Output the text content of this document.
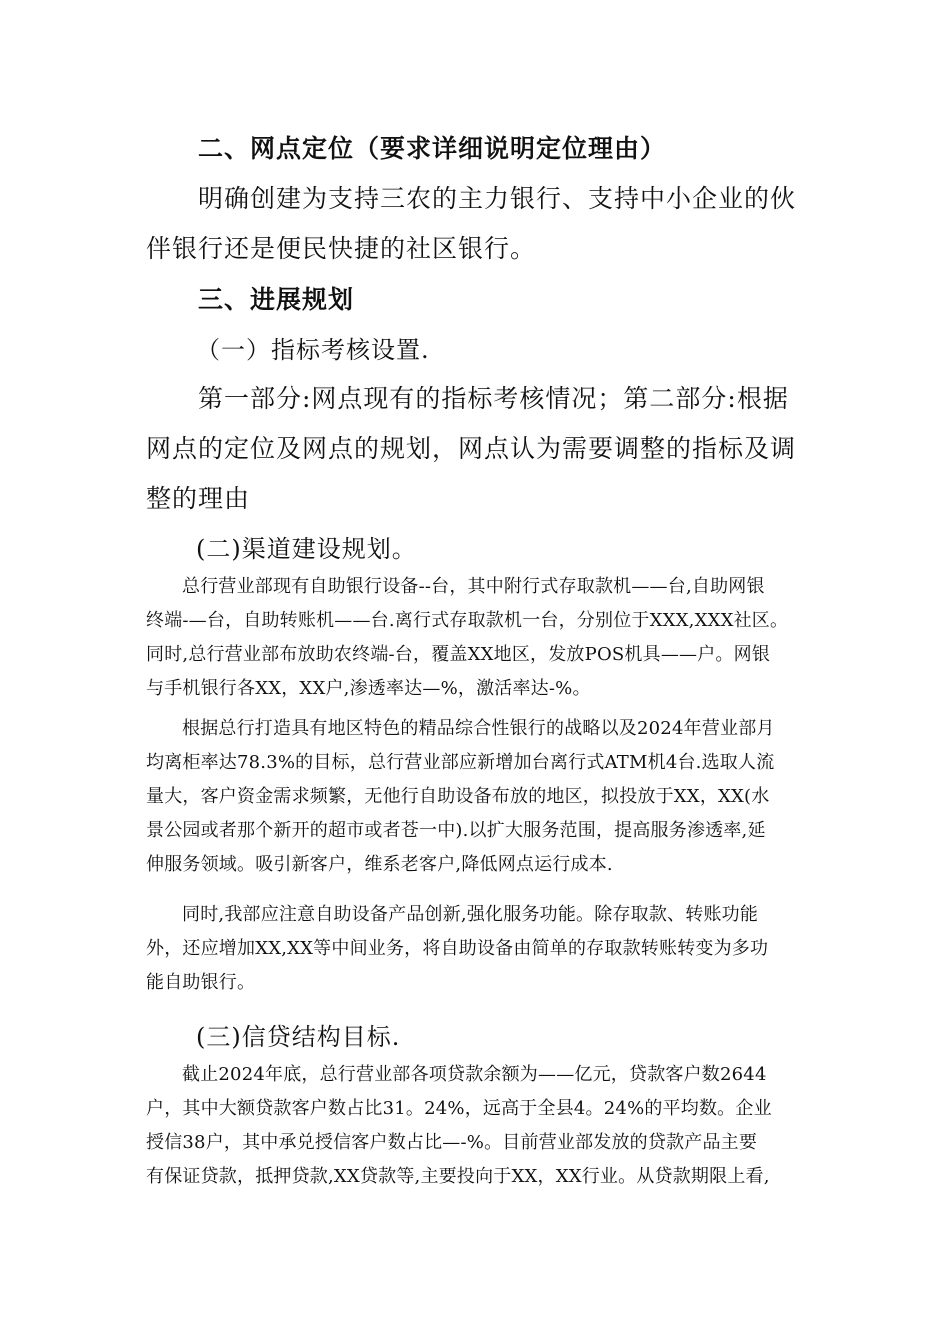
二、网点定位（要求详细说明定位理由）

明确创建为支持三农的主力银行、支持中小企业的伙
伴银行还是便民快捷的社区银行。

三、进展规划
（一）指标考核设置.

第一部分:网点现有的指标考核情况；第二部分:根据
网点的定位及网点的规划，网点认为需要调整的指标及调
整的理由

(二)渠道建设规划。

总行营业部现有自助银行设备--台，其中附行式存取款机——台,自助网银
终端-—台，自助转账机——台.离行式存取款机一台，分别位于XXX,XXX社区。
同时,总行营业部布放助农终端-台，覆盖XX地区，发放POS机具——户。网银
与手机银行各XX，XX户,渗透率达—%，激活率达-%。

根据总行打造具有地区特色的精品综合性银行的战略以及2024年营业部月
均离柜率达78.3%的目标，总行营业部应新增加台离行式ATM机4台.选取人流
量大，客户资金需求频繁，无他行自助设备布放的地区，拟投放于XX，XX(水
景公园或者那个新开的超市或者苍一中).以扩大服务范围，提高服务渗透率,延
伸服务领域。吸引新客户，维系老客户,降低网点运行成本.

同时,我部应注意自助设备产品创新,强化服务功能。除存取款、转账功能
外，还应增加XX,XX等中间业务，将自助设备由简单的存取款转账转变为多功
能自助银行。

(三)信贷结构目标.

截止2024年底，总行营业部各项贷款余额为——亿元，贷款客户数2644
户，其中大额贷款客户数占比31。24%，远高于全县4。24%的平均数。企业
授信38户，其中承兑授信客户数占比—-%。目前营业部发放的贷款产品主要
有保证贷款，抵押贷款,XX贷款等,主要投向于XX，XX行业。从贷款期限上看,
